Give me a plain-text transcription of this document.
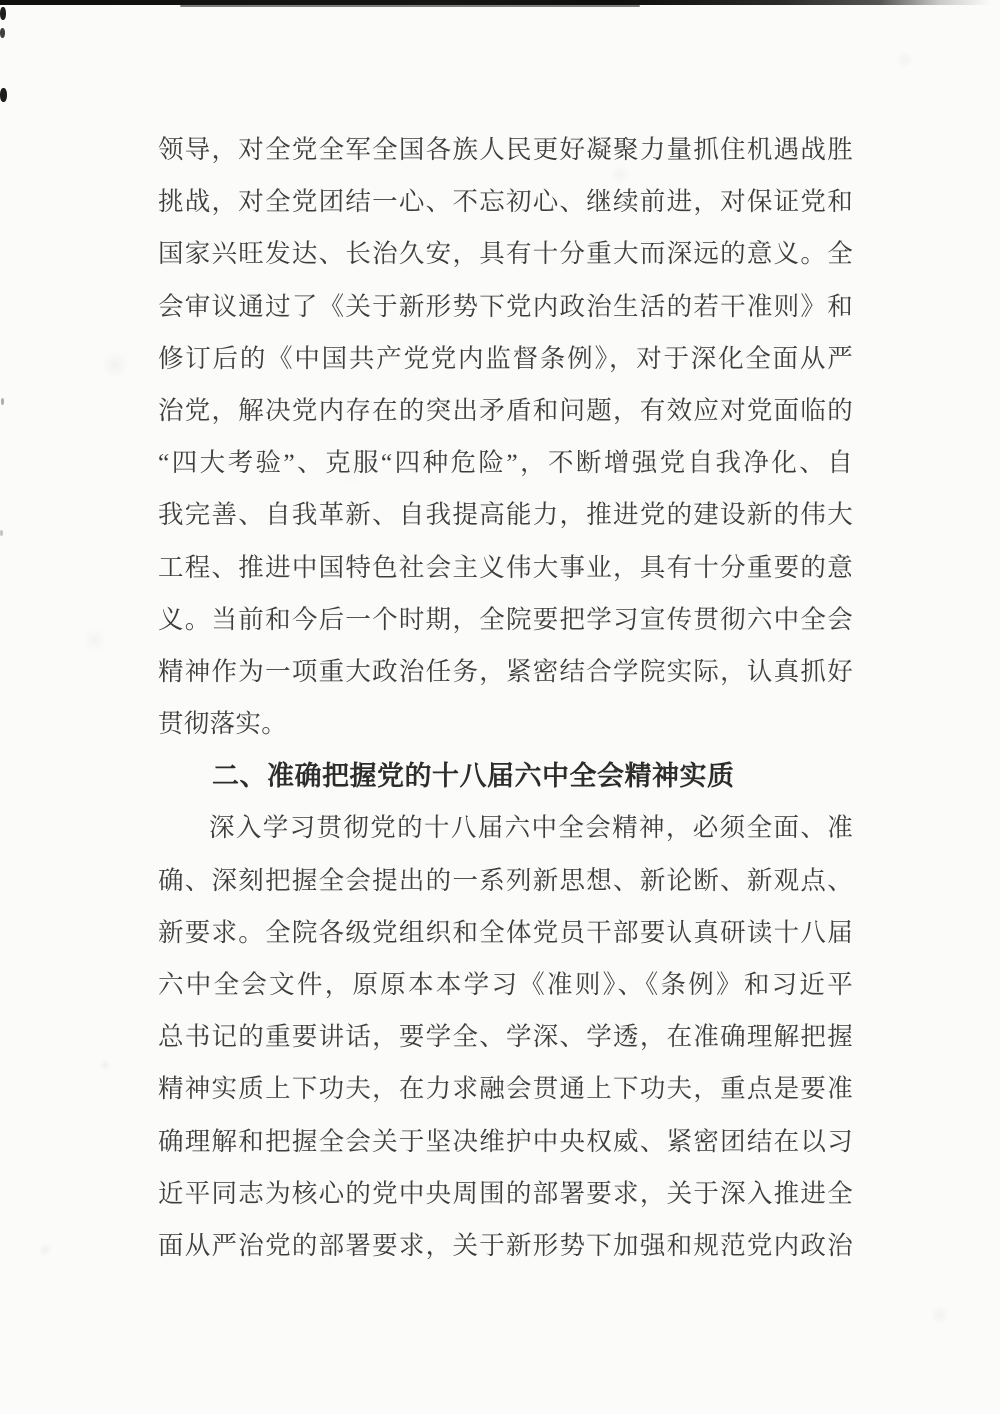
领导，对全党全军全国各族人民更好凝聚力量抓住机遇战胜
挑战，对全党团结一心、不忘初心、继续前进，对保证党和
国家兴旺发达、长治久安，具有十分重大而深远的意义。全
会审议通过了《关于新形势下党内政治生活的若干准则》和
修订后的《中国共产党党内监督条例》，对于深化全面从严
治党，解决党内存在的突出矛盾和问题，有效应对党面临的
“四大考验”、克服“四种危险”，不断增强党自我净化、自
我完善、自我革新、自我提高能力，推进党的建设新的伟大
工程、推进中国特色社会主义伟大事业，具有十分重要的意
义。当前和今后一个时期，全院要把学习宣传贯彻六中全会
精神作为一项重大政治任务，紧密结合学院实际，认真抓好
贯彻落实。
二、准确把握党的十八届六中全会精神实质
深入学习贯彻党的十八届六中全会精神，必须全面、准
确、深刻把握全会提出的一系列新思想、新论断、新观点、
新要求。全院各级党组织和全体党员干部要认真研读十八届
六中全会文件，原原本本学习《准则》、《条例》和习近平
总书记的重要讲话，要学全、学深、学透，在准确理解把握
精神实质上下功夫，在力求融会贯通上下功夫，重点是要准
确理解和把握全会关于坚决维护中央权威、紧密团结在以习
近平同志为核心的党中央周围的部署要求，关于深入推进全
面从严治党的部署要求，关于新形势下加强和规范党内政治
